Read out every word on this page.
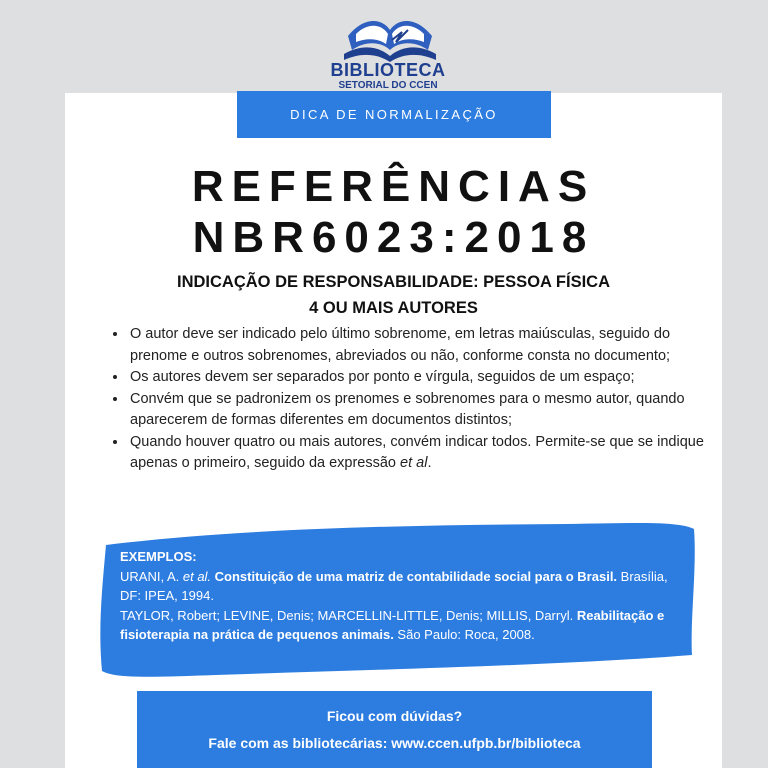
BIBLIOTECA
SETORIAL DO CCEN
DICA DE NORMALIZAÇÃO
REFERÊNCIAS
NBR6023:2018
INDICAÇÃO DE RESPONSABILIDADE: PESSOA FÍSICA
4 OU MAIS AUTORES
• O autor deve ser indicado pelo último sobrenome, em letras maiúsculas, seguido do prenome e outros sobrenomes, abreviados ou não, conforme consta no documento;
• Os autores devem ser separados por ponto e vírgula, seguidos de um espaço;
• Convém que se padronizem os prenomes e sobrenomes para o mesmo autor, quando aparecerem de formas diferentes em documentos distintos;
• Quando houver quatro ou mais autores, convém indicar todos. Permite-se que se indique apenas o primeiro, seguido da expressão et al.
EXEMPLOS:
URANI, A. et al. Constituição de uma matriz de contabilidade social para o Brasil. Brasília, DF: IPEA, 1994.
TAYLOR, Robert; LEVINE, Denis; MARCELLIN-LITTLE, Denis; MILLIS, Darryl. Reabilitação e fisioterapia na prática de pequenos animais. São Paulo: Roca, 2008.
Ficou com dúvidas?
Fale com as bibliotecárias: www.ccen.ufpb.br/biblioteca
